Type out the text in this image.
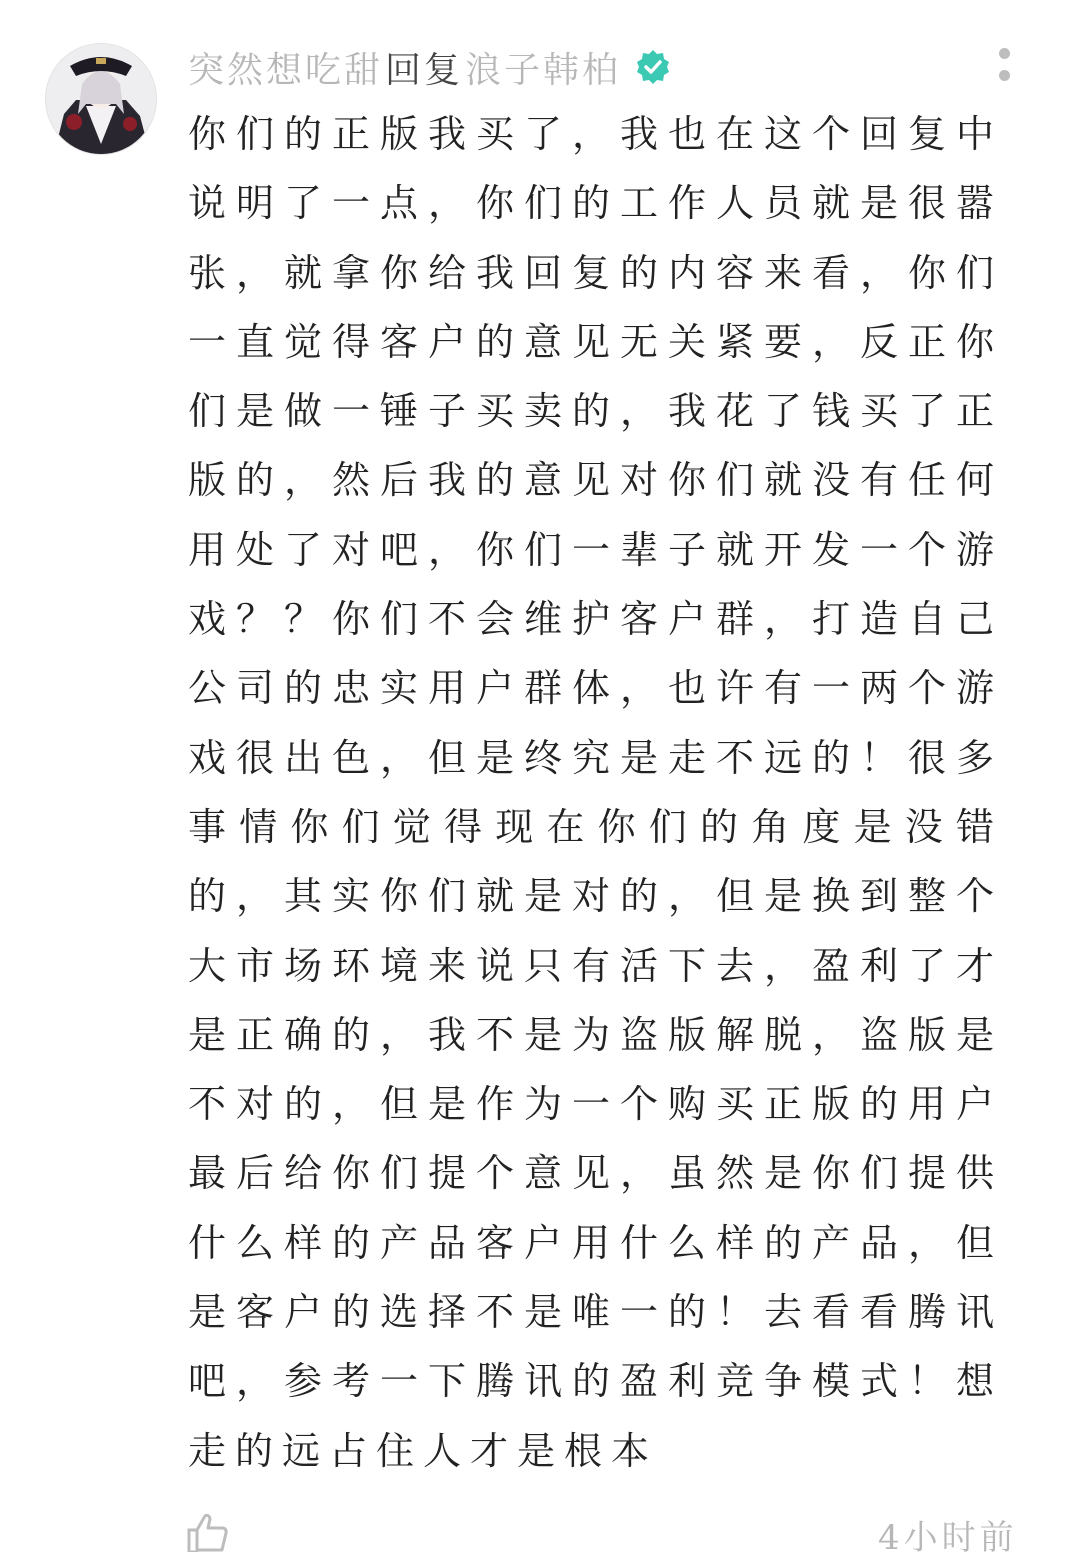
突然想吃甜 回复 浪子韩柏

你们的正版我买了，我也在这个回复中说明了一点，你们的工作人员就是很嚣张，就拿你给我回复的内容来看，你们一直觉得客户的意见无关紧要，反正你们是做一锤子买卖的，我花了钱买了正版的，然后我的意见对你们就没有任何用处了对吧，你们一辈子就开发一个游戏？？你们不会维护客户群，打造自己公司的忠实用户群体，也许有一两个游戏很出色，但是终究是走不远的！很多事情你们觉得现在你们的角度是没错的，其实你们就是对的，但是换到整个大市场环境来说只有活下去，盈利了才是正确的，我不是为盗版解脱，盗版是不对的，但是作为一个购买正版的用户最后给你们提个意见，虽然是你们提供什么样的产品客户用什么样的产品，但是客户的选择不是唯一的！去看看腾讯吧，参考一下腾讯的盈利竞争模式！想走的远占住人才是根本

4小时前
